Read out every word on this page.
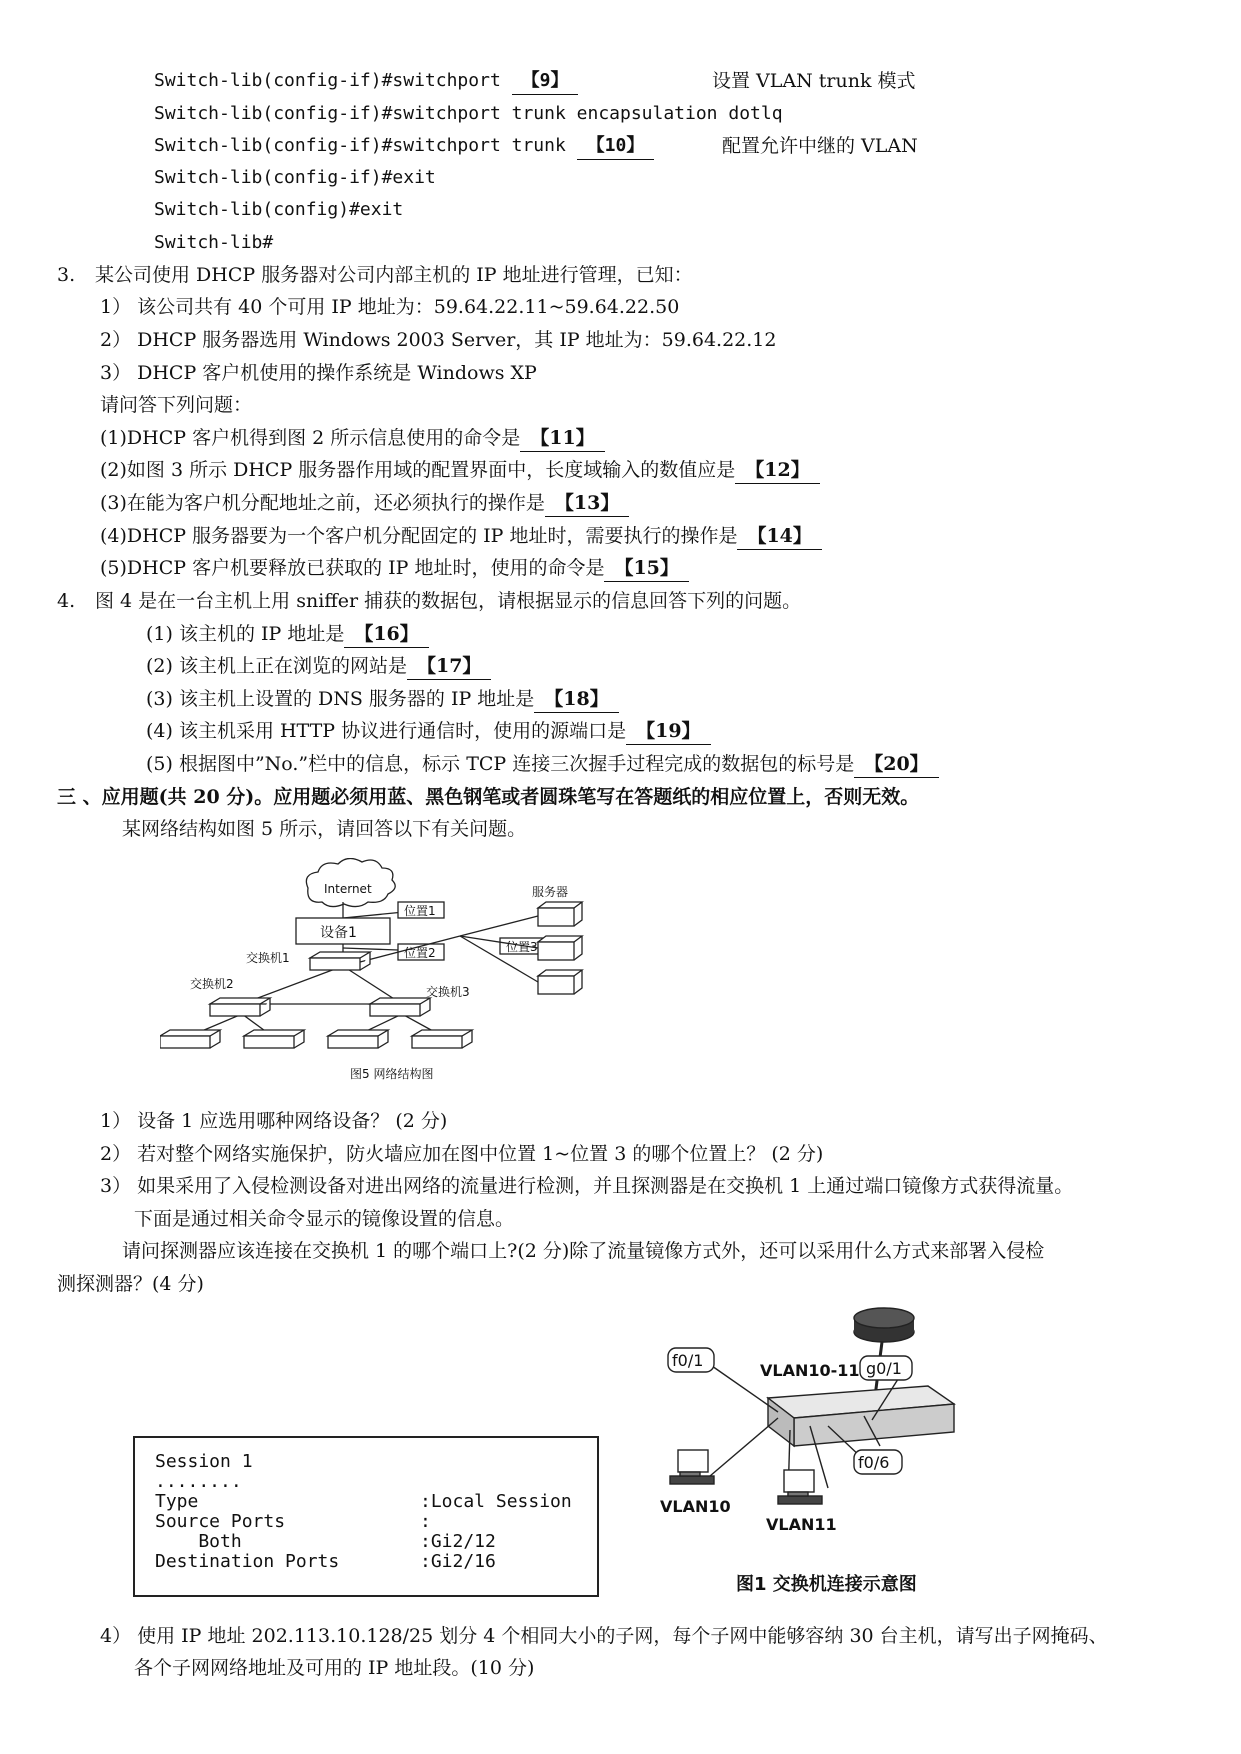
Switch-lib(config-if)#switchport 【9】	设置 VLAN trunk 模式
Switch-lib(config-if)#switchport trunk encapsulation dotlq
Switch-lib(config-if)#switchport trunk 【10】	配置允许中继的 VLAN
Switch-lib(config-if)#exit
Switch-lib(config)#exit
Switch-lib#
3. 某公司使用 DHCP 服务器对公司内部主机的 IP 地址进行管理，已知：
1） 该公司共有 40 个可用 IP 地址为：59.64.22.11~59.64.22.50
2） DHCP 服务器选用 Windows 2003 Server，其 IP 地址为：59.64.22.12
3） DHCP 客户机使用的操作系统是 Windows XP
请问答下列问题：
(1)DHCP 客户机得到图 2 所示信息使用的命令是 【11】
(2)如图 3 所示 DHCP 服务器作用域的配置界面中，长度域输入的数值应是 【12】
(3)在能为客户机分配地址之前，还必须执行的操作是 【13】
(4)DHCP 服务器要为一个客户机分配固定的 IP 地址时，需要执行的操作是 【14】
(5)DHCP 客户机要释放已获取的 IP 地址时，使用的命令是 【15】
4. 图 4 是在一台主机上用 sniffer 捕获的数据包，请根据显示的信息回答下列的问题。
(1) 该主机的 IP 地址是 【16】
(2) 该主机上正在浏览的网站是 【17】
(3) 该主机上设置的 DNS 服务器的 IP 地址是 【18】
(4) 该主机采用 HTTP 协议进行通信时，使用的源端口是 【19】
(5) 根据图中”No.”栏中的信息，标示 TCP 连接三次握手过程完成的数据包的标号是 【20】
三 、应用题(共 20 分)。应用题必须用蓝、黑色钢笔或者圆珠笔写在答题纸的相应位置上，否则无效。
某网络结构如图 5 所示，请回答以下有关问题。
Internet
位置1
位置2	位置3
设备1
服务器
交换机1
交换机2
交换机3
图5 网络结构图
1） 设备 1 应选用哪种网络设备？ (2 分)
2） 若对整个网络实施保护，防火墙应加在图中位置 1~位置 3 的哪个位置上？ (2 分)
3） 如果采用了入侵检测设备对进出网络的流量进行检测，并且探测器是在交换机 1 上通过端口镜像方式获得流量。
下面是通过相关命令显示的镜像设置的信息。
请问探测器应该连接在交换机 1 的哪个端口上?(2 分)除了流量镜像方式外，还可以采用什么方式来部署入侵检
测探测器？(4 分)
Session 1
........
Type	:Local Session
Source Ports	:
Both	:Gi2/12
Destination Ports	:Gi2/16
VLAN10-11 g0/1
f0/1
f0/6
VLAN10
VLAN11
图1 交换机连接示意图
4） 使用 IP 地址 202.113.10.128/25 划分 4 个相同大小的子网，每个子网中能够容纳 30 台主机，请写出子网掩码、
各个子网网络地址及可用的 IP 地址段。(10 分)
